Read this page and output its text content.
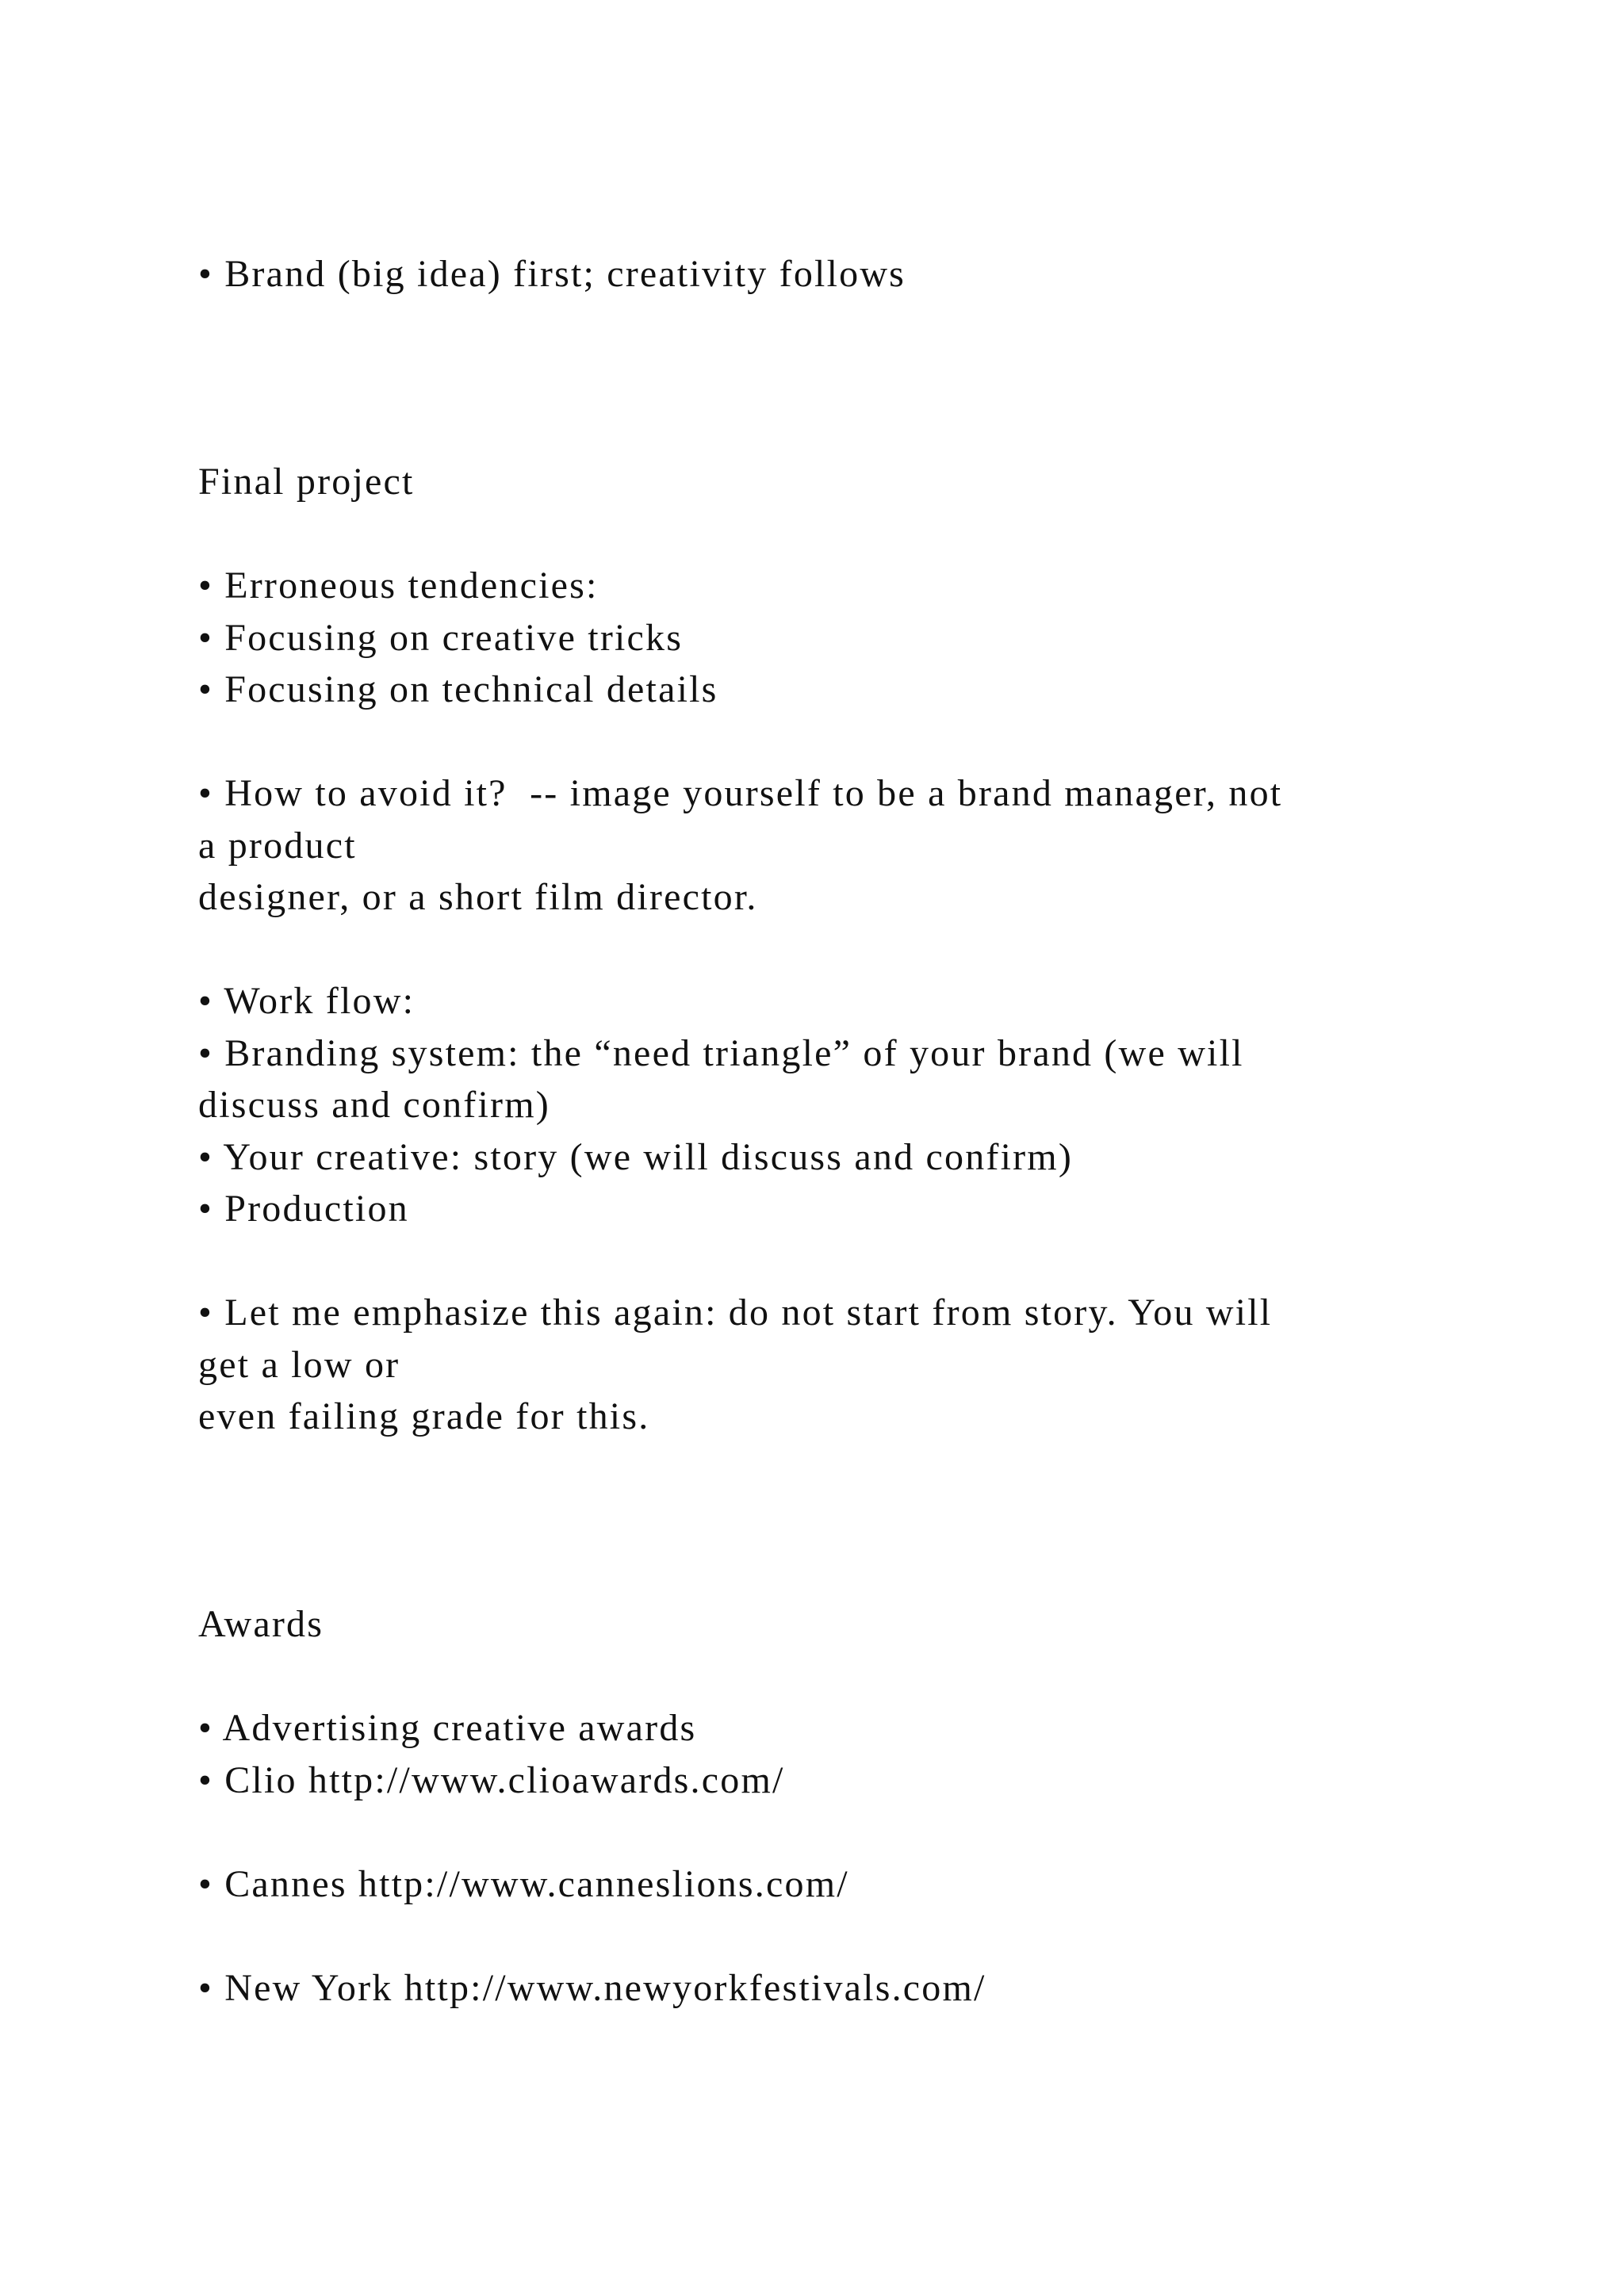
• Brand (big idea) first; creativity follows
Final project
• Erroneous tendencies:
• Focusing on creative tricks
• Focusing on technical details
• How to avoid it?  -- image yourself to be a brand manager, not
a product
designer, or a short film director.
• Work flow:
• Branding system: the “need triangle” of your brand (we will
discuss and confirm)
• Your creative: story (we will discuss and confirm)
• Production
• Let me emphasize this again: do not start from story. You will
get a low or
even failing grade for this.
Awards
• Advertising creative awards
• Clio http://www.clioawards.com/
• Cannes http://www.canneslions.com/
• New York http://www.newyorkfestivals.com/
